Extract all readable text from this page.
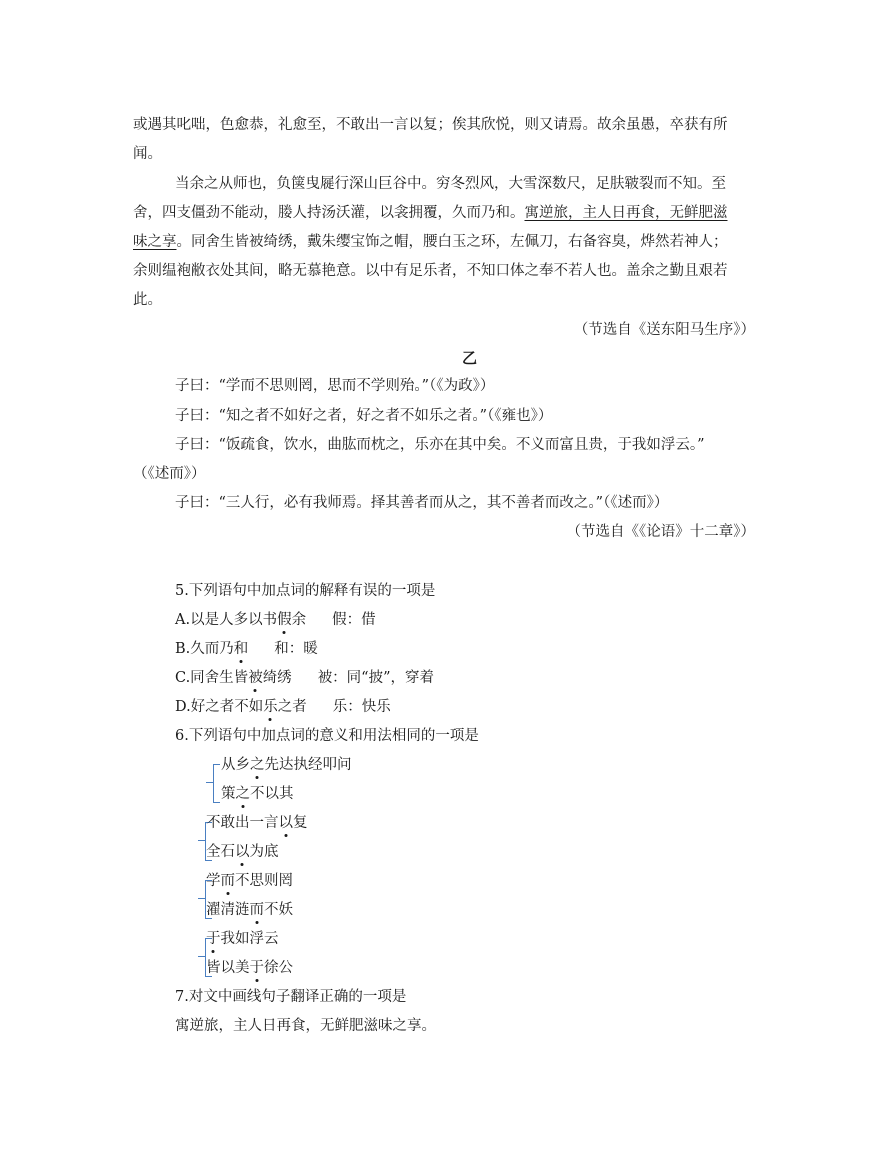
或遇其叱咄，色愈恭，礼愈至，不敢出一言以复；俟其欣悦，则又请焉。故余虽愚，卒获有所
闻。
当余之从师也，负箧曳屣行深山巨谷中。穷冬烈风，大雪深数尺，足肤皲裂而不知。至
舍，四支僵劲不能动，媵人持汤沃灌，以衾拥覆，久而乃和。寓逆旅，主人日再食，无鲜肥滋
味之享。同舍生皆被绮绣，戴朱缨宝饰之帽，腰白玉之环，左佩刀，右备容臭，烨然若神人；
余则缊袍敝衣处其间，略无慕艳意。以中有足乐者，不知口体之奉不若人也。盖余之勤且艰若
此。
（节选自《送东阳马生序》）
乙
子曰：“学而不思则罔，思而不学则殆。”（《为政》）
子曰：“知之者不如好之者，好之者不如乐之者。”（《雍也》）
子曰：“饭疏食，饮水，曲肱而枕之，乐亦在其中矣。不义而富且贵，于我如浮云。”
（《述而》）
子曰：“三人行，必有我师焉。择其善者而从之，其不善者而改之。”（《述而》）
（节选自《《论语》十二章》）
5.下列语句中加点词的解释有误的一项是
A.以是人多以书假余 假：借
B.久而乃和 和：暖
C.同舍生皆被绮绣 被：同“披”，穿着
D.好之者不如乐之者 乐：快乐
6.下列语句中加点词的意义和用法相同的一项是
从乡之先达执经叩问
策之不以其
不敢出一言以复
全石以为底
学而不思则罔
濯清涟而不妖
于我如浮云
皆以美于徐公
7.对文中画线句子翻译正确的一项是
寓逆旅，主人日再食，无鲜肥滋味之享。
